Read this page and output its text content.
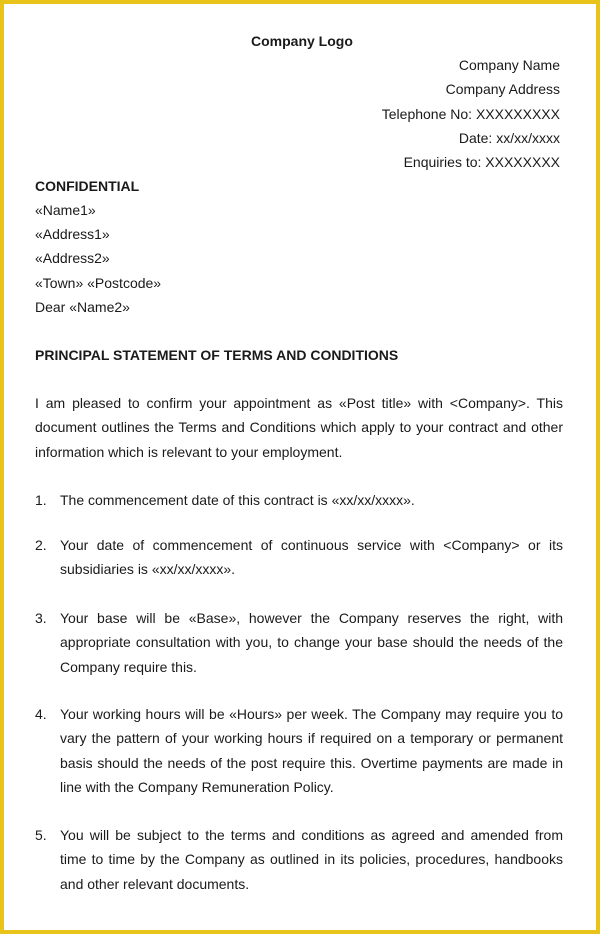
Company Logo
Company Name
Company Address
Telephone No: XXXXXXXXX
Date: xx/xx/xxxx
Enquiries to: XXXXXXXX
CONFIDENTIAL
«Name1»
«Address1»
«Address2»
«Town» «Postcode»
Dear «Name2»
PRINCIPAL STATEMENT OF TERMS AND CONDITIONS
I am pleased to confirm your appointment as «Post title» with <Company>. This document outlines the Terms and Conditions which apply to your contract and other information which is relevant to your employment.
1. The commencement date of this contract is «xx/xx/xxxx».
2. Your date of commencement of continuous service with <Company> or its subsidiaries is «xx/xx/xxxx».
3. Your base will be «Base», however the Company reserves the right, with appropriate consultation with you, to change your base should the needs of the Company require this.
4. Your working hours will be «Hours» per week. The Company may require you to vary the pattern of your working hours if required on a temporary or permanent basis should the needs of the post require this. Overtime payments are made in line with the Company Remuneration Policy.
5. You will be subject to the terms and conditions as agreed and amended from time to time by the Company as outlined in its policies, procedures, handbooks and other relevant documents.
